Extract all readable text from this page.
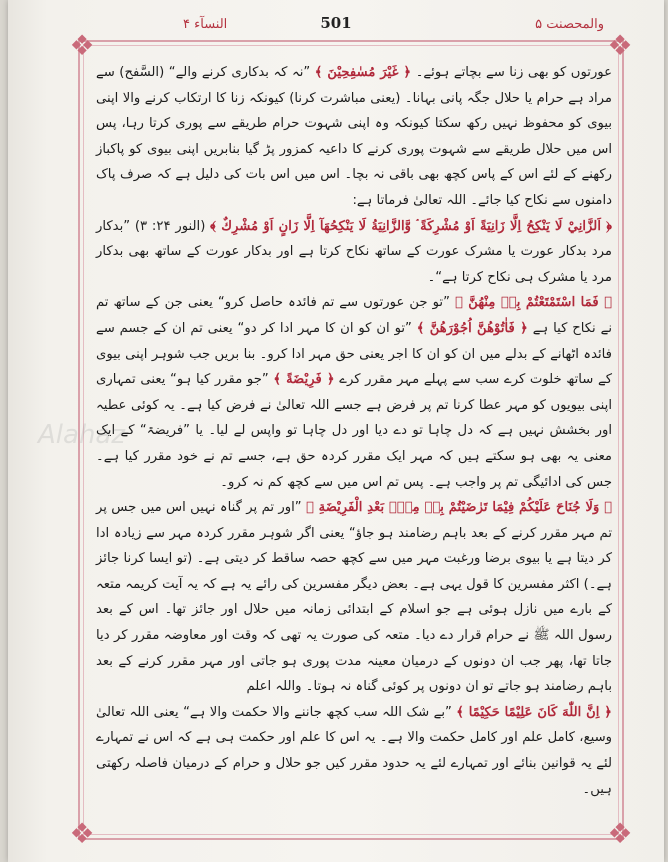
النسآء ۴	501	والمحصنت ۵
❖	❖
❖	❖
Alahaz

عورتوں کو بھی زنا سے بچاتے ہوئے۔ ﴿ غَيْرَ مُسٰفِحِيْنَ ﴾ ”نہ کہ بدکاری کرنے والے“ (السَّفح) سے مراد ہے حرام یا حلال جگہ پانی بہانا۔ (یعنی مباشرت کرنا) کیونکہ زنا کا ارتکاب کرنے والا اپنی بیوی کو محفوظ نہیں رکھ سکتا کیونکہ وہ اپنی شہوت حرام طریقے سے پوری کرتا رہا، پس اس میں حلال طریقے سے شہوت پوری کرنے کا داعیہ کمزور پڑ گیا بنابریں اپنی بیوی کو پاکباز رکھنے کے لئے اس کے پاس کچھ بھی باقی نہ بچا۔ اس میں اس بات کی دلیل ہے کہ صرف پاک دامنوں سے نکاح کیا جائے۔ اللہ تعالیٰ فرماتا ہے:

﴿ اَلزَّانِيْ لَا يَنْكِحُ اِلَّا زَانِيَةً اَوْ مُشْرِكَةً ۘ وَّالزَّانِيَةُ لَا يَنْكِحُهَآ اِلَّا زَانٍ اَوْ مُشْرِكٌ ﴾ (النور ۲۴: ۳) ”بدکار مرد بدکار عورت یا مشرک عورت کے ساتھ نکاح کرتا ہے اور بدکار عورت کے ساتھ بھی بدکار مرد یا مشرک ہی نکاح کرتا ہے“۔

﴿ فَمَا اسْتَمْتَعْتُمْ بِهٖ مِنْهُنَّ ﴾ ”تو جن عورتوں سے تم فائدہ حاصل کرو“ یعنی جن کے ساتھ تم نے نکاح کیا ہے ﴿ فَاٰتُوْهُنَّ اُجُوْرَهُنَّ ﴾ ”تو ان کو ان کا مہر ادا کر دو“ یعنی تم ان کے جسم سے فائدہ اٹھانے کے بدلے میں ان کو ان کا اجر یعنی حق مہر ادا کرو۔ بنا بریں جب شوہر اپنی بیوی کے ساتھ خلوت کرے سب سے پہلے مہر مقرر کرے ﴿ فَرِيْضَةً ﴾ ”جو مقرر کیا ہو“ یعنی تمہاری اپنی بیویوں کو مہر عطا کرنا تم پر فرض ہے جسے اللہ تعالیٰ نے فرض کیا ہے۔ یہ کوئی عطیہ اور بخشش نہیں ہے کہ دل چاہا تو دے دیا اور دل چاہا تو واپس لے لیا۔ یا ”فریضۃ“ کے ایک معنی یہ بھی ہو سکتے ہیں کہ مہر ایک مقرر کردہ حق ہے، جسے تم نے خود مقرر کیا ہے۔ جس کی ادائیگی تم پر واجب ہے۔ پس تم اس میں سے کچھ کم نہ کرو۔

﴿ وَلَا جُنَاحَ عَلَيْكُمْ فِيْمَا تَرٰضَيْتُمْ بِهٖ مِنْۢ بَعْدِ الْفَرِيْضَةِ ﴾ ”اور تم پر گناہ نہیں اس میں جس پر تم مہر مقرر کرنے کے بعد باہم رضامند ہو جاؤ“ یعنی اگر شوہر مقرر کردہ مہر سے زیادہ ادا کر دیتا ہے یا بیوی برضا ورغبت مہر میں سے کچھ حصہ ساقط کر دیتی ہے۔ (تو ایسا کرنا جائز ہے۔) اکثر مفسرین کا قول یہی ہے۔ بعض دیگر مفسرین کی رائے یہ ہے کہ یہ آیت کریمہ متعہ کے بارے میں نازل ہوئی ہے جو اسلام کے ابتدائی زمانہ میں حلال اور جائز تھا۔ اس کے بعد رسول اللہ ﷺ نے حرام قرار دے دیا۔ متعہ کی صورت یہ تھی کہ وقت اور معاوضہ مقرر کر دیا جاتا تھا، پھر جب ان دونوں کے درمیان معینہ مدت پوری ہو جاتی اور مہر مقرر کرنے کے بعد باہم رضامند ہو جاتے تو ان دونوں پر کوئی گناہ نہ ہوتا۔ واللہ اعلم

﴿ اِنَّ اللّٰهَ كَانَ عَلِيْمًا حَكِيْمًا ﴾ ”بے شک اللہ سب کچھ جاننے والا حکمت والا ہے“ یعنی اللہ تعالیٰ وسیع، کامل علم اور کامل حکمت والا ہے۔ یہ اس کا علم اور حکمت ہی ہے کہ اس نے تمہارے لئے یہ قوانین بنائے اور تمہارے لئے یہ حدود مقرر کیں جو حلال و حرام کے درمیان فاصلہ رکھتی ہیں۔
